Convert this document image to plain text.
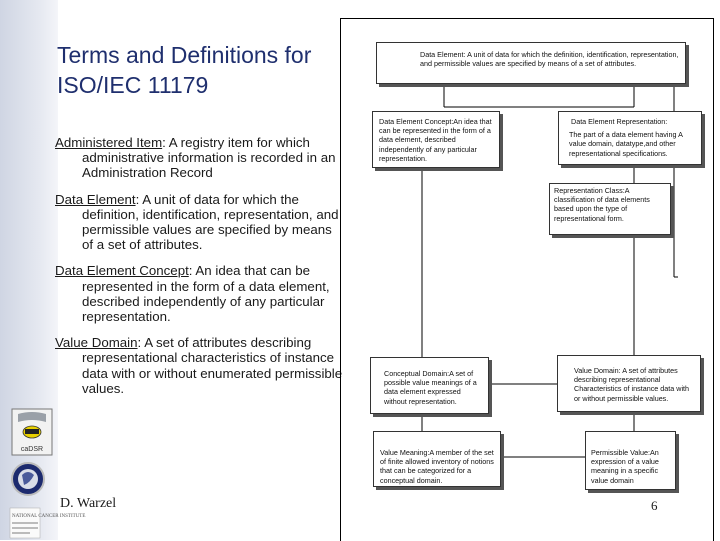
Terms and Definitions for
ISO/IEC 11179

Administered Item: A registry item for which administrative information is recorded in an Administration Record

Data Element: A unit of data for which the definition, identification, representation, and permissible values are specified by means of a set of attributes.

Data Element Concept: An idea that can be represented in the form of a data element, described independently of any particular representation.

Value Domain: A set of attributes describing representational characteristics of instance data with or without enumerated permissible values.

caDSR
NATIONAL CANCER INSTITUTE
D. Warzel	6

Data Element: A unit of data for which the definition, identification, representation, and permissible values are specified by means of a set of attributes.

Data Element Concept:An idea that can be represented in the form of a data element, described independently of any particular representation.

Data Element Representation:

The part of a data element having A value domain, datatype,and other representational specifications.

Representation Class:A classification of data elements based upon the type of representational form.

Conceptual Domain:A set of possible value meanings of a data element expressed without representation.

Value Domain: A set of attributes describing representational Characteristics of instance data with or without permissible values.

Value Meaning:A member of the set of finite allowed inventory of notions that can be categorized for a conceptual domain.

Permissible Value:An expression of a value meaning in a specific value domain
